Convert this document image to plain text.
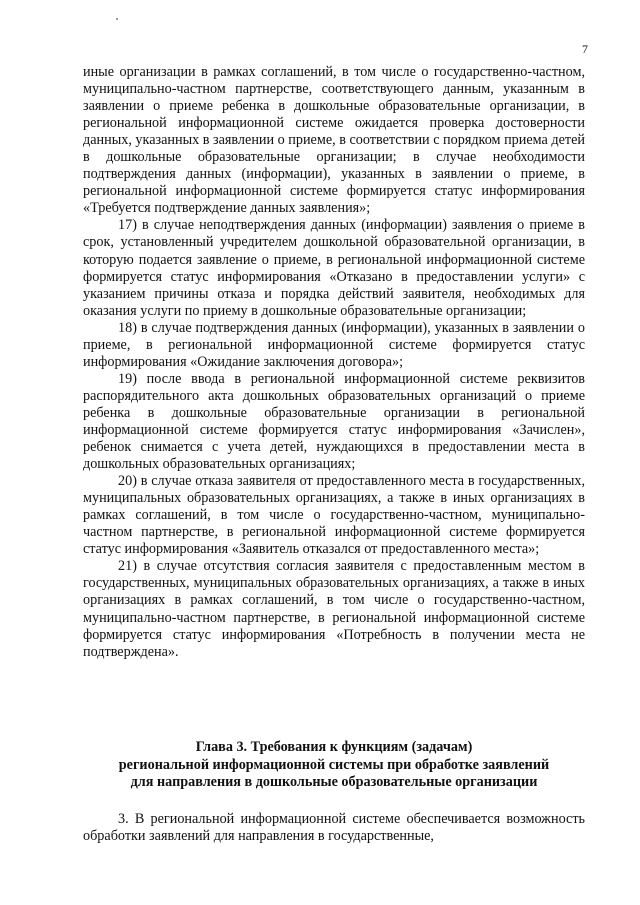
7

иные организации в рамках соглашений, в том числе о государственно-частном, муниципально-частном партнерстве, соответствующего данным, указанным в заявлении о приеме ребенка в дошкольные образовательные организации, в региональной информационной системе ожидается проверка достоверности данных, указанных в заявлении о приеме, в соответствии с порядком приема детей в дошкольные образовательные организации; в случае необходимости подтверждения данных (информации), указанных в заявлении о приеме, в региональной информационной системе формируется статус информирования «Требуется подтверждение данных заявления»;

17) в случае неподтверждения данных (информации) заявления о приеме в срок, установленный учредителем дошкольной образовательной организации, в которую подается заявление о приеме, в региональной информационной системе формируется статус информирования «Отказано в предоставлении услуги» с указанием причины отказа и порядка действий заявителя, необходимых для оказания услуги по приему в дошкольные образовательные организации;

18) в случае подтверждения данных (информации), указанных в заявлении о приеме, в региональной информационной системе формируется статус информирования «Ожидание заключения договора»;

19) после ввода в региональной информационной системе реквизитов распорядительного акта дошкольных образовательных организаций о приеме ребенка в дошкольные образовательные организации в региональной информационной системе формируется статус информирования «Зачислен», ребенок снимается с учета детей, нуждающихся в предоставлении места в дошкольных образовательных организациях;

20) в случае отказа заявителя от предоставленного места в государственных, муниципальных образовательных организациях, а также в иных организациях в рамках соглашений, в том числе о государственно-частном, муниципально-частном партнерстве, в региональной информационной системе формируется статус информирования «Заявитель отказался от предоставленного места»;

21) в случае отсутствия согласия заявителя с предоставленным местом в государственных, муниципальных образовательных организациях, а также в иных организациях в рамках соглашений, в том числе о государственно-частном, муниципально-частном партнерстве, в региональной информационной системе формируется статус информирования «Потребность в получении места не подтверждена».

Глава 3. Требования к функциям (задачам)
региональной информационной системы при обработке заявлений
для направления в дошкольные образовательные организации

3. В региональной информационной системе обеспечивается возможность обработки заявлений для направления в государственные,
